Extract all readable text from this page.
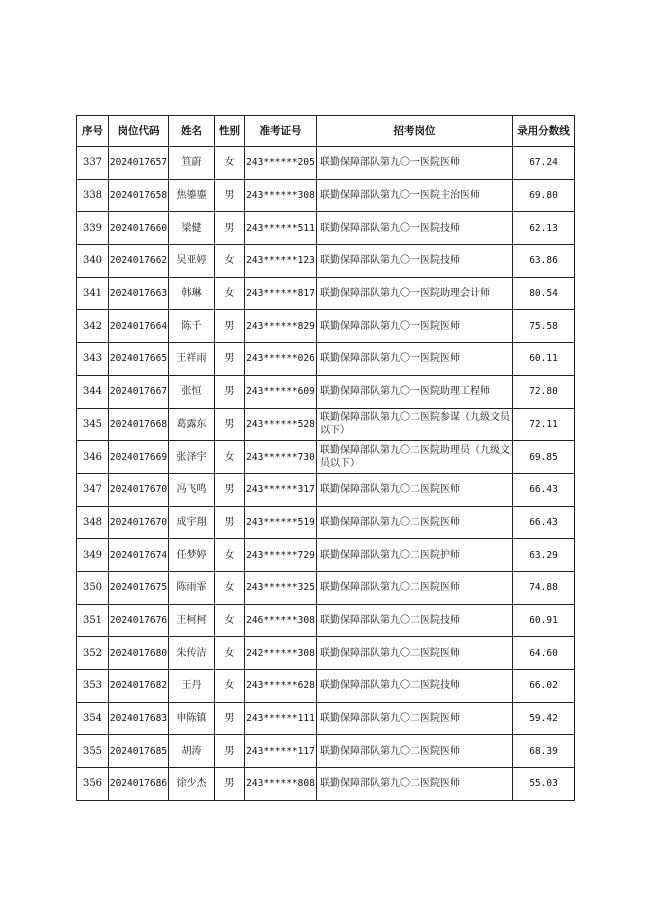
序号	岗位代码	姓名	性别	准考证号	招考岗位	录用分数线
337	2024017657	笪蔚	女	243******205	联勤保障部队第九〇一医院医师	67.24
338	2024017658	焦鎏鎏	男	243******308	联勤保障部队第九〇一医院主治医师	69.80
339	2024017660	梁健	男	243******511	联勤保障部队第九〇一医院技师	62.13
340	2024017662	吴亚婷	女	243******123	联勤保障部队第九〇一医院技师	63.86
341	2024017663	韩琳	女	243******817	联勤保障部队第九〇一医院助理会计师	80.54
342	2024017664	陈千	男	243******829	联勤保障部队第九〇一医院医师	75.58
343	2024017665	王祥雨	男	243******026	联勤保障部队第九〇一医院医师	60.11
344	2024017667	张恒	男	243******609	联勤保障部队第九〇一医院助理工程师	72.80
345	2024017668	葛露东	男	243******528	联勤保障部队第九〇二医院参谋（九级文员以下）	72.11
346	2024017669	张泽宇	女	243******730	联勤保障部队第九〇二医院助理员（九级文员以下）	69.85
347	2024017670	冯飞鸣	男	243******317	联勤保障部队第九〇二医院医师	66.43
348	2024017670	成宇翔	男	243******519	联勤保障部队第九〇二医院医师	66.43
349	2024017674	任梦婷	女	243******729	联勤保障部队第九〇二医院护师	63.29
350	2024017675	陈雨霏	女	243******325	联勤保障部队第九〇二医院医师	74.88
351	2024017676	王柯柯	女	246******308	联勤保障部队第九〇二医院技师	60.91
352	2024017680	朱传洁	女	242******308	联勤保障部队第九〇二医院医师	64.60
353	2024017682	王丹	女	243******628	联勤保障部队第九〇二医院技师	66.02
354	2024017683	申陈镇	男	243******111	联勤保障部队第九〇二医院医师	59.42
355	2024017685	胡涛	男	243******117	联勤保障部队第九〇二医院医师	68.39
356	2024017686	徐少杰	男	243******808	联勤保障部队第九〇二医院医师	55.03
